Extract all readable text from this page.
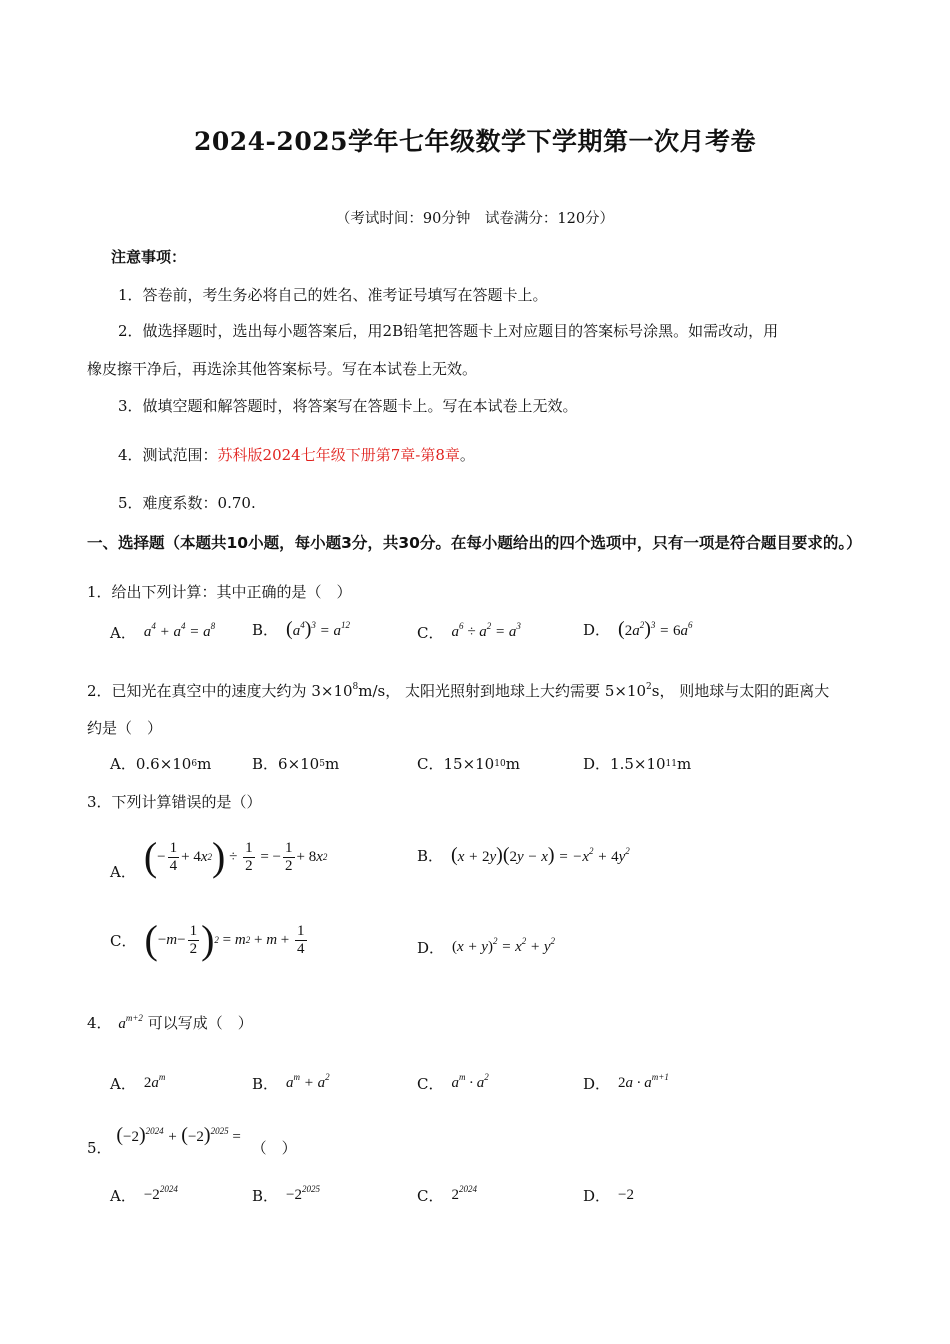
2024-2025学年七年级数学下学期第一次月考卷
（考试时间：90分钟　试卷满分：120分）
注意事项：
1．答卷前，考生务必将自己的姓名、准考证号填写在答题卡上。
2．做选择题时，选出每小题答案后，用2B铅笔把答题卡上对应题目的答案标号涂黑。如需改动，用
橡皮擦干净后，再选涂其他答案标号。写在本试卷上无效。
3．做填空题和解答题时，将答案写在答题卡上。写在本试卷上无效。
4．测试范围：苏科版2024七年级下册第7章-第8章。
5．难度系数：0.70.
一、选择题（本题共10小题，每小题3分，共30分。在每小题给出的四个选项中，只有一项是符合题目要求的。）
1．给出下列计算：其中正确的是（　）
A． $a^4 + a^4 = a^8$ B． $(a^4)^3 = a^{12}$	C． $a^6 \div a^2 = a^3$	D． $(2a^2)^3 = 6a^6$
2．已知光在真空中的速度大约为 $3\times 10^8m/s$， 太阳光照射到地球上大约需要 $5\times 10^2s$， 则地球与太阳的距离大
约是（　）
A． 0.6×10 6 m	B． 6×10 5 m	C． 15×10 10 m	D． 1.5×10 11 m
3．下列计算错误的是（）
A． ( − $\frac{1}{4} + 4$ x 2 ) ÷ $\frac{1}{2}$ = − $\frac{1}{2} + 8$ x 2	B． $(x + 2y)(2y - x) = -x^2 + 4y^2$
C． ( − $m - \frac{1}{2}$ ) 2 = m $2 + m + \frac{1}{4}$	D． $(x + y)^2 = x^2 + y^2$
4． $a^{m+2}$ 可以写成（　）
A． $2a^m$	B． $a^m + a^2$	C． $a^m \cdot a^2$	D． $2a \cdot a^{m+1}$
5． $(-2)^{2024} + (-2)^{2025}$ = （　）
A． $-2^{2024}$	B． $-2^{2025}$	C． $2^{2024}$	D． −2
